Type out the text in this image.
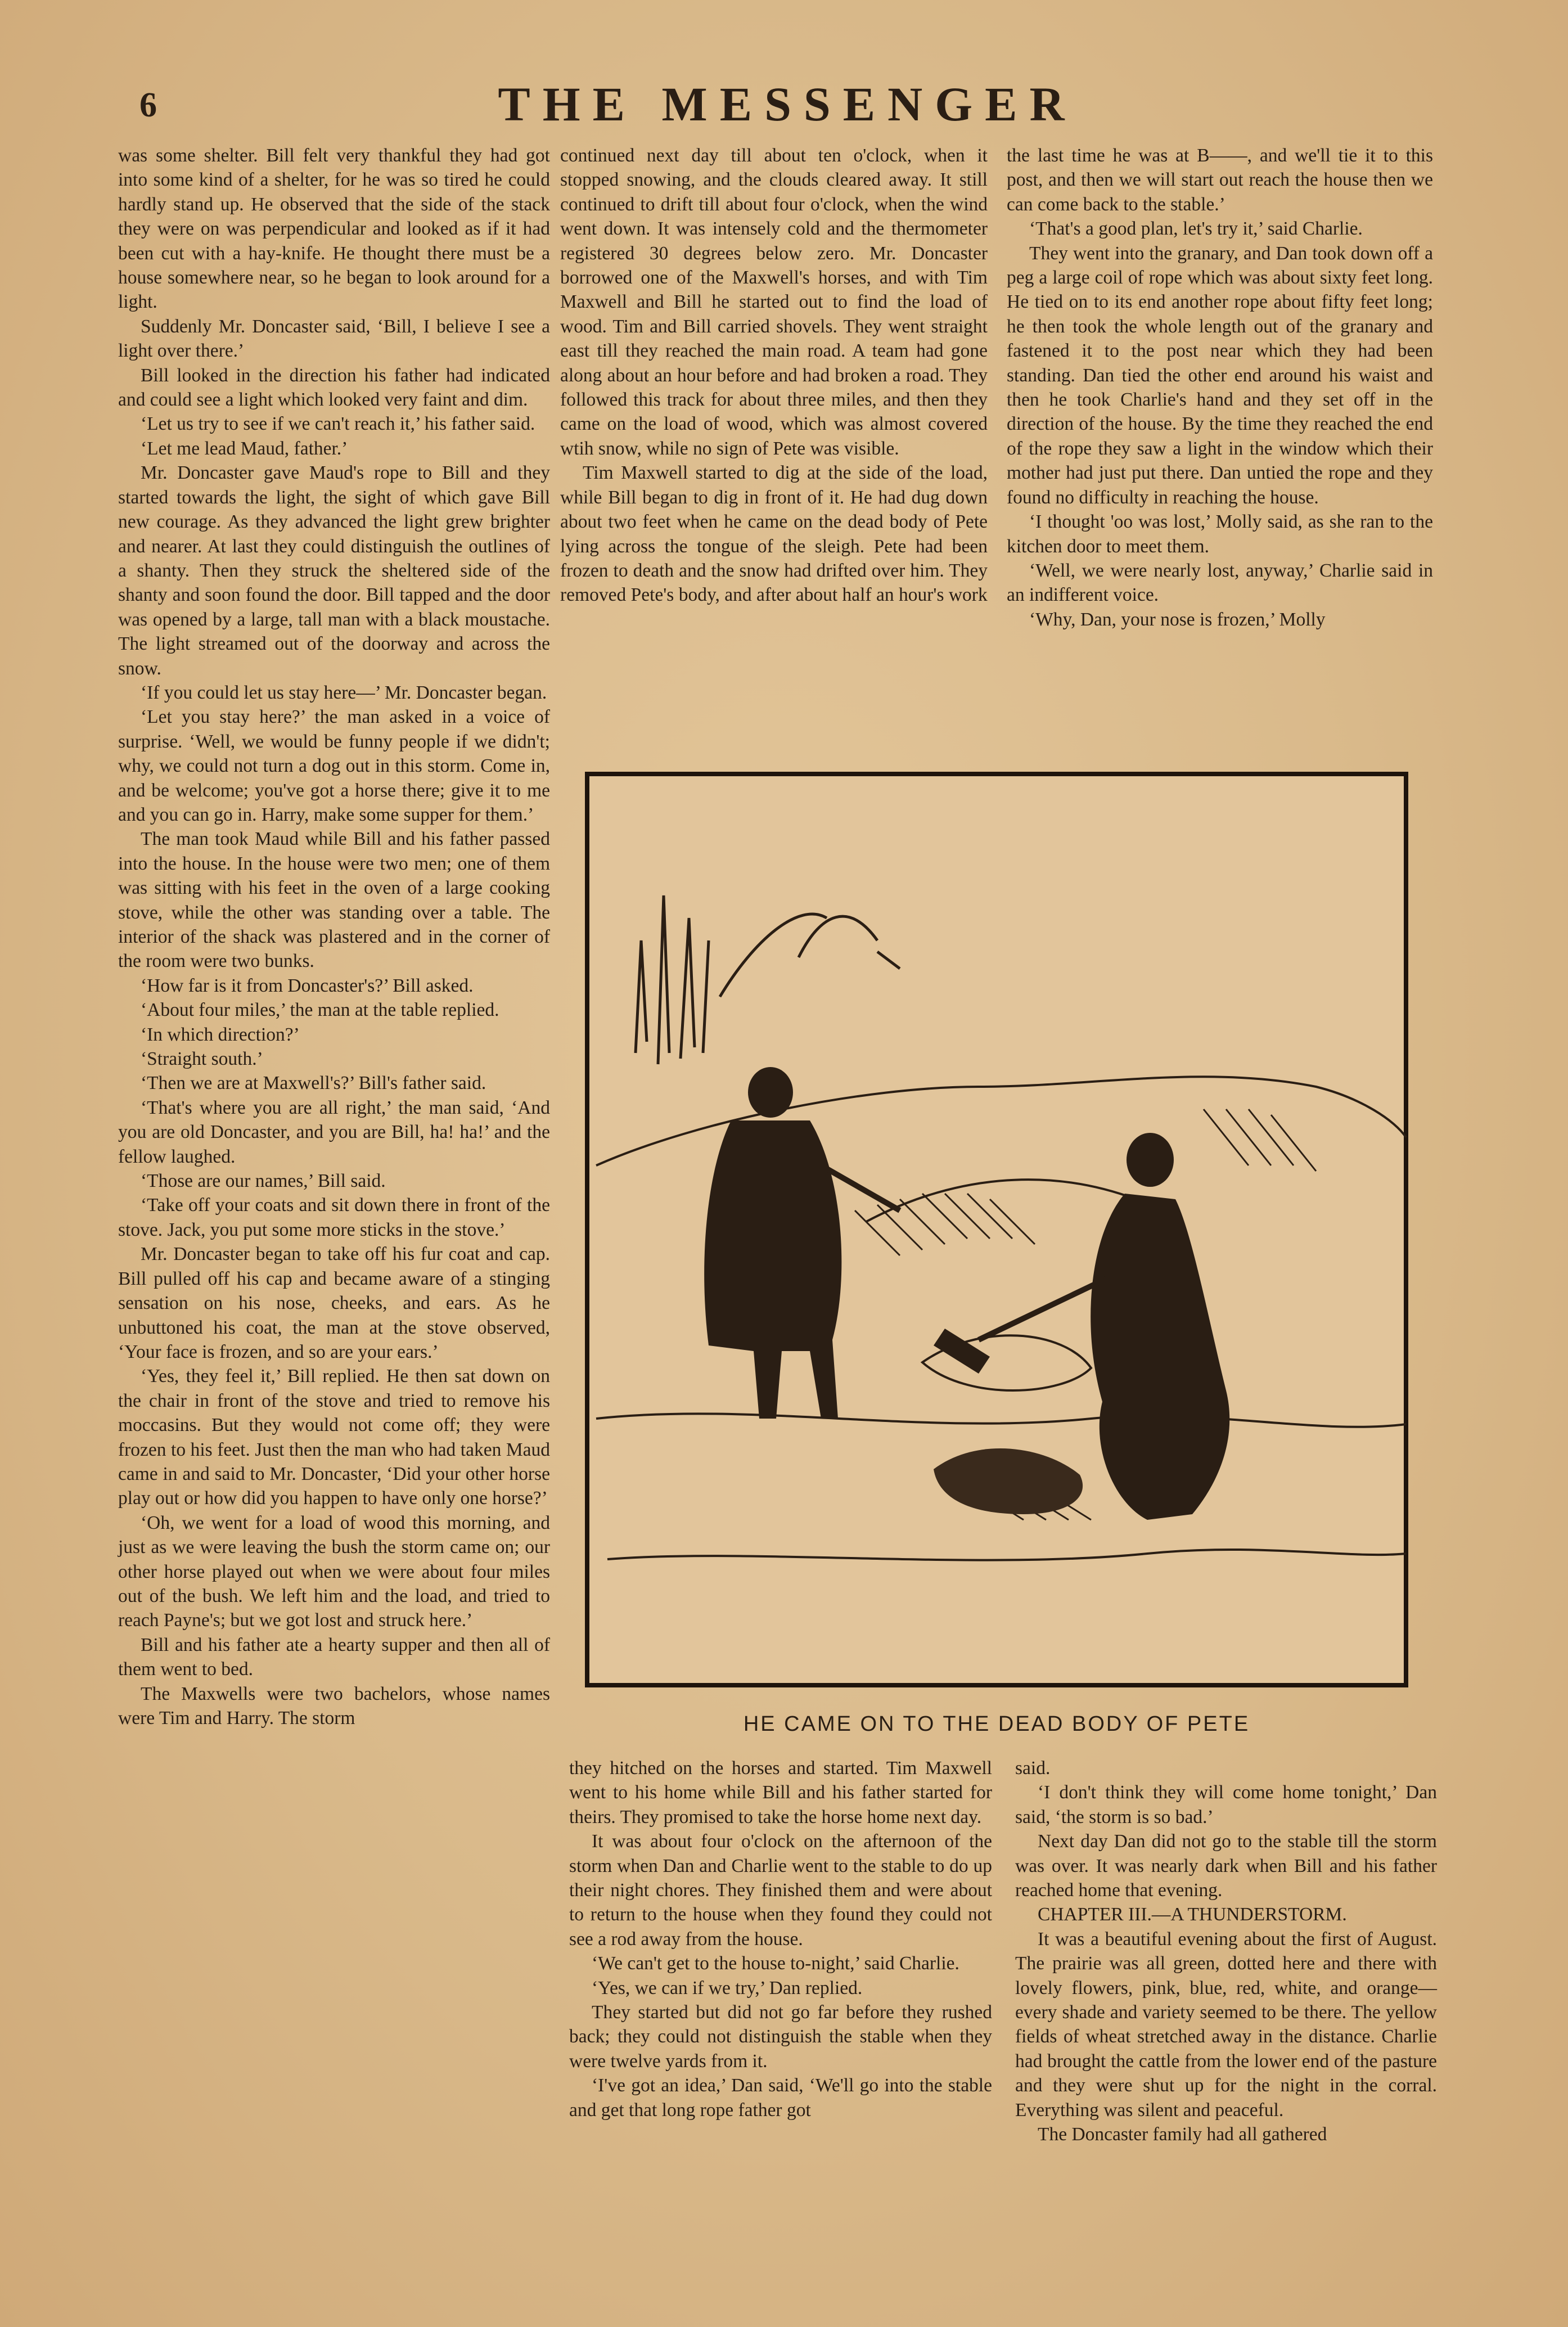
6	THE MESSENGER

was some shelter. Bill felt very thankful they had got into some kind of a shelter, for he was so tired he could hardly stand up. He observed that the side of the stack they were on was perpendicular and looked as if it had been cut with a hay-knife. He thought there must be a house somewhere near, so he began to look around for a light.

Suddenly Mr. Doncaster said, ‘Bill, I believe I see a light over there.’

Bill looked in the direction his father had indicated and could see a light which looked very faint and dim.

‘Let us try to see if we can't reach it,’ his father said.

‘Let me lead Maud, father.’

Mr. Doncaster gave Maud's rope to Bill and they started towards the light, the sight of which gave Bill new courage. As they advanced the light grew brighter and nearer. At last they could distinguish the outlines of a shanty. Then they struck the sheltered side of the shanty and soon found the door. Bill tapped and the door was opened by a large, tall man with a black moustache. The light streamed out of the doorway and across the snow.

‘If you could let us stay here—’ Mr. Doncaster began.

‘Let you stay here?’ the man asked in a voice of surprise. ‘Well, we would be funny people if we didn't; why, we could not turn a dog out in this storm. Come in, and be welcome; you've got a horse there; give it to me and you can go in. Harry, make some supper for them.’

The man took Maud while Bill and his father passed into the house. In the house were two men; one of them was sitting with his feet in the oven of a large cooking stove, while the other was standing over a table. The interior of the shack was plastered and in the corner of the room were two bunks.

‘How far is it from Doncaster's?’ Bill asked.

‘About four miles,’ the man at the table replied.

‘In which direction?’

‘Straight south.’

‘Then we are at Maxwell's?’ Bill's father said.

‘That's where you are all right,’ the man said, ‘And you are old Doncaster, and you are Bill, ha! ha!’ and the fellow laughed.

‘Those are our names,’ Bill said.

‘Take off your coats and sit down there in front of the stove. Jack, you put some more sticks in the stove.’

Mr. Doncaster began to take off his fur coat and cap. Bill pulled off his cap and became aware of a stinging sensation on his nose, cheeks, and ears. As he unbuttoned his coat, the man at the stove observed, ‘Your face is frozen, and so are your ears.’

‘Yes, they feel it,’ Bill replied. He then sat down on the chair in front of the stove and tried to remove his moccasins. But they would not come off; they were frozen to his feet. Just then the man who had taken Maud came in and said to Mr. Doncaster, ‘Did your other horse play out or how did you happen to have only one horse?’

‘Oh, we went for a load of wood this morning, and just as we were leaving the bush the storm came on; our other horse played out when we were about four miles out of the bush. We left him and the load, and tried to reach Payne's; but we got lost and struck here.’

Bill and his father ate a hearty supper and then all of them went to bed.

The Maxwells were two bachelors, whose names were Tim and Harry. The storm

continued next day till about ten o'clock, when it stopped snowing, and the clouds cleared away. It still continued to drift till about four o'clock, when the wind went down. It was intensely cold and the thermometer registered 30 degrees below zero. Mr. Doncaster borrowed one of the Maxwell's horses, and with Tim Maxwell and Bill he started out to find the load of wood. Tim and Bill carried shovels. They went straight east till they reached the main road. A team had gone along about an hour before and had broken a road. They followed this track for about three miles, and then they came on the load of wood, which was almost covered wtih snow, while no sign of Pete was visible.

Tim Maxwell started to dig at the side of the load, while Bill began to dig in front of it. He had dug down about two feet when he came on the dead body of Pete lying across the tongue of the sleigh. Pete had been frozen to death and the snow had drifted over him. They removed Pete's body, and after about half an hour's work

the last time he was at B——, and we'll tie it to this post, and then we will start out reach the house then we can come back to the stable.’

‘That's a good plan, let's try it,’ said Charlie.

They went into the granary, and Dan took down off a peg a large coil of rope which was about sixty feet long. He tied on to its end another rope about fifty feet long; he then took the whole length out of the granary and fastened it to the post near which they had been standing. Dan tied the other end around his waist and then he took Charlie's hand and they set off in the direction of the house. By the time they reached the end of the rope they saw a light in the window which their mother had just put there. Dan untied the rope and they found no difficulty in reaching the house.

‘I thought 'oo was lost,’ Molly said, as she ran to the kitchen door to meet them.

‘Well, we were nearly lost, anyway,’ Charlie said in an indifferent voice.

‘Why, Dan, your nose is frozen,’ Molly

HE CAME ON TO THE DEAD BODY OF PETE

they hitched on the horses and started. Tim Maxwell went to his home while Bill and his father started for theirs. They promised to take the horse home next day.

It was about four o'clock on the afternoon of the storm when Dan and Charlie went to the stable to do up their night chores. They finished them and were about to return to the house when they found they could not see a rod away from the house.

‘We can't get to the house to-night,’ said Charlie.

‘Yes, we can if we try,’ Dan replied.

They started but did not go far before they rushed back; they could not distinguish the stable when they were twelve yards from it.

‘I've got an idea,’ Dan said, ‘We'll go into the stable and get that long rope father got

said.

‘I don't think they will come home tonight,’ Dan said, ‘the storm is so bad.’

Next day Dan did not go to the stable till the storm was over. It was nearly dark when Bill and his father reached home that evening.

CHAPTER III.—A THUNDERSTORM.

It was a beautiful evening about the first of August. The prairie was all green, dotted here and there with lovely flowers, pink, blue, red, white, and orange—every shade and variety seemed to be there. The yellow fields of wheat stretched away in the distance. Charlie had brought the cattle from the lower end of the pasture and they were shut up for the night in the corral. Everything was silent and peaceful.

The Doncaster family had all gathered
